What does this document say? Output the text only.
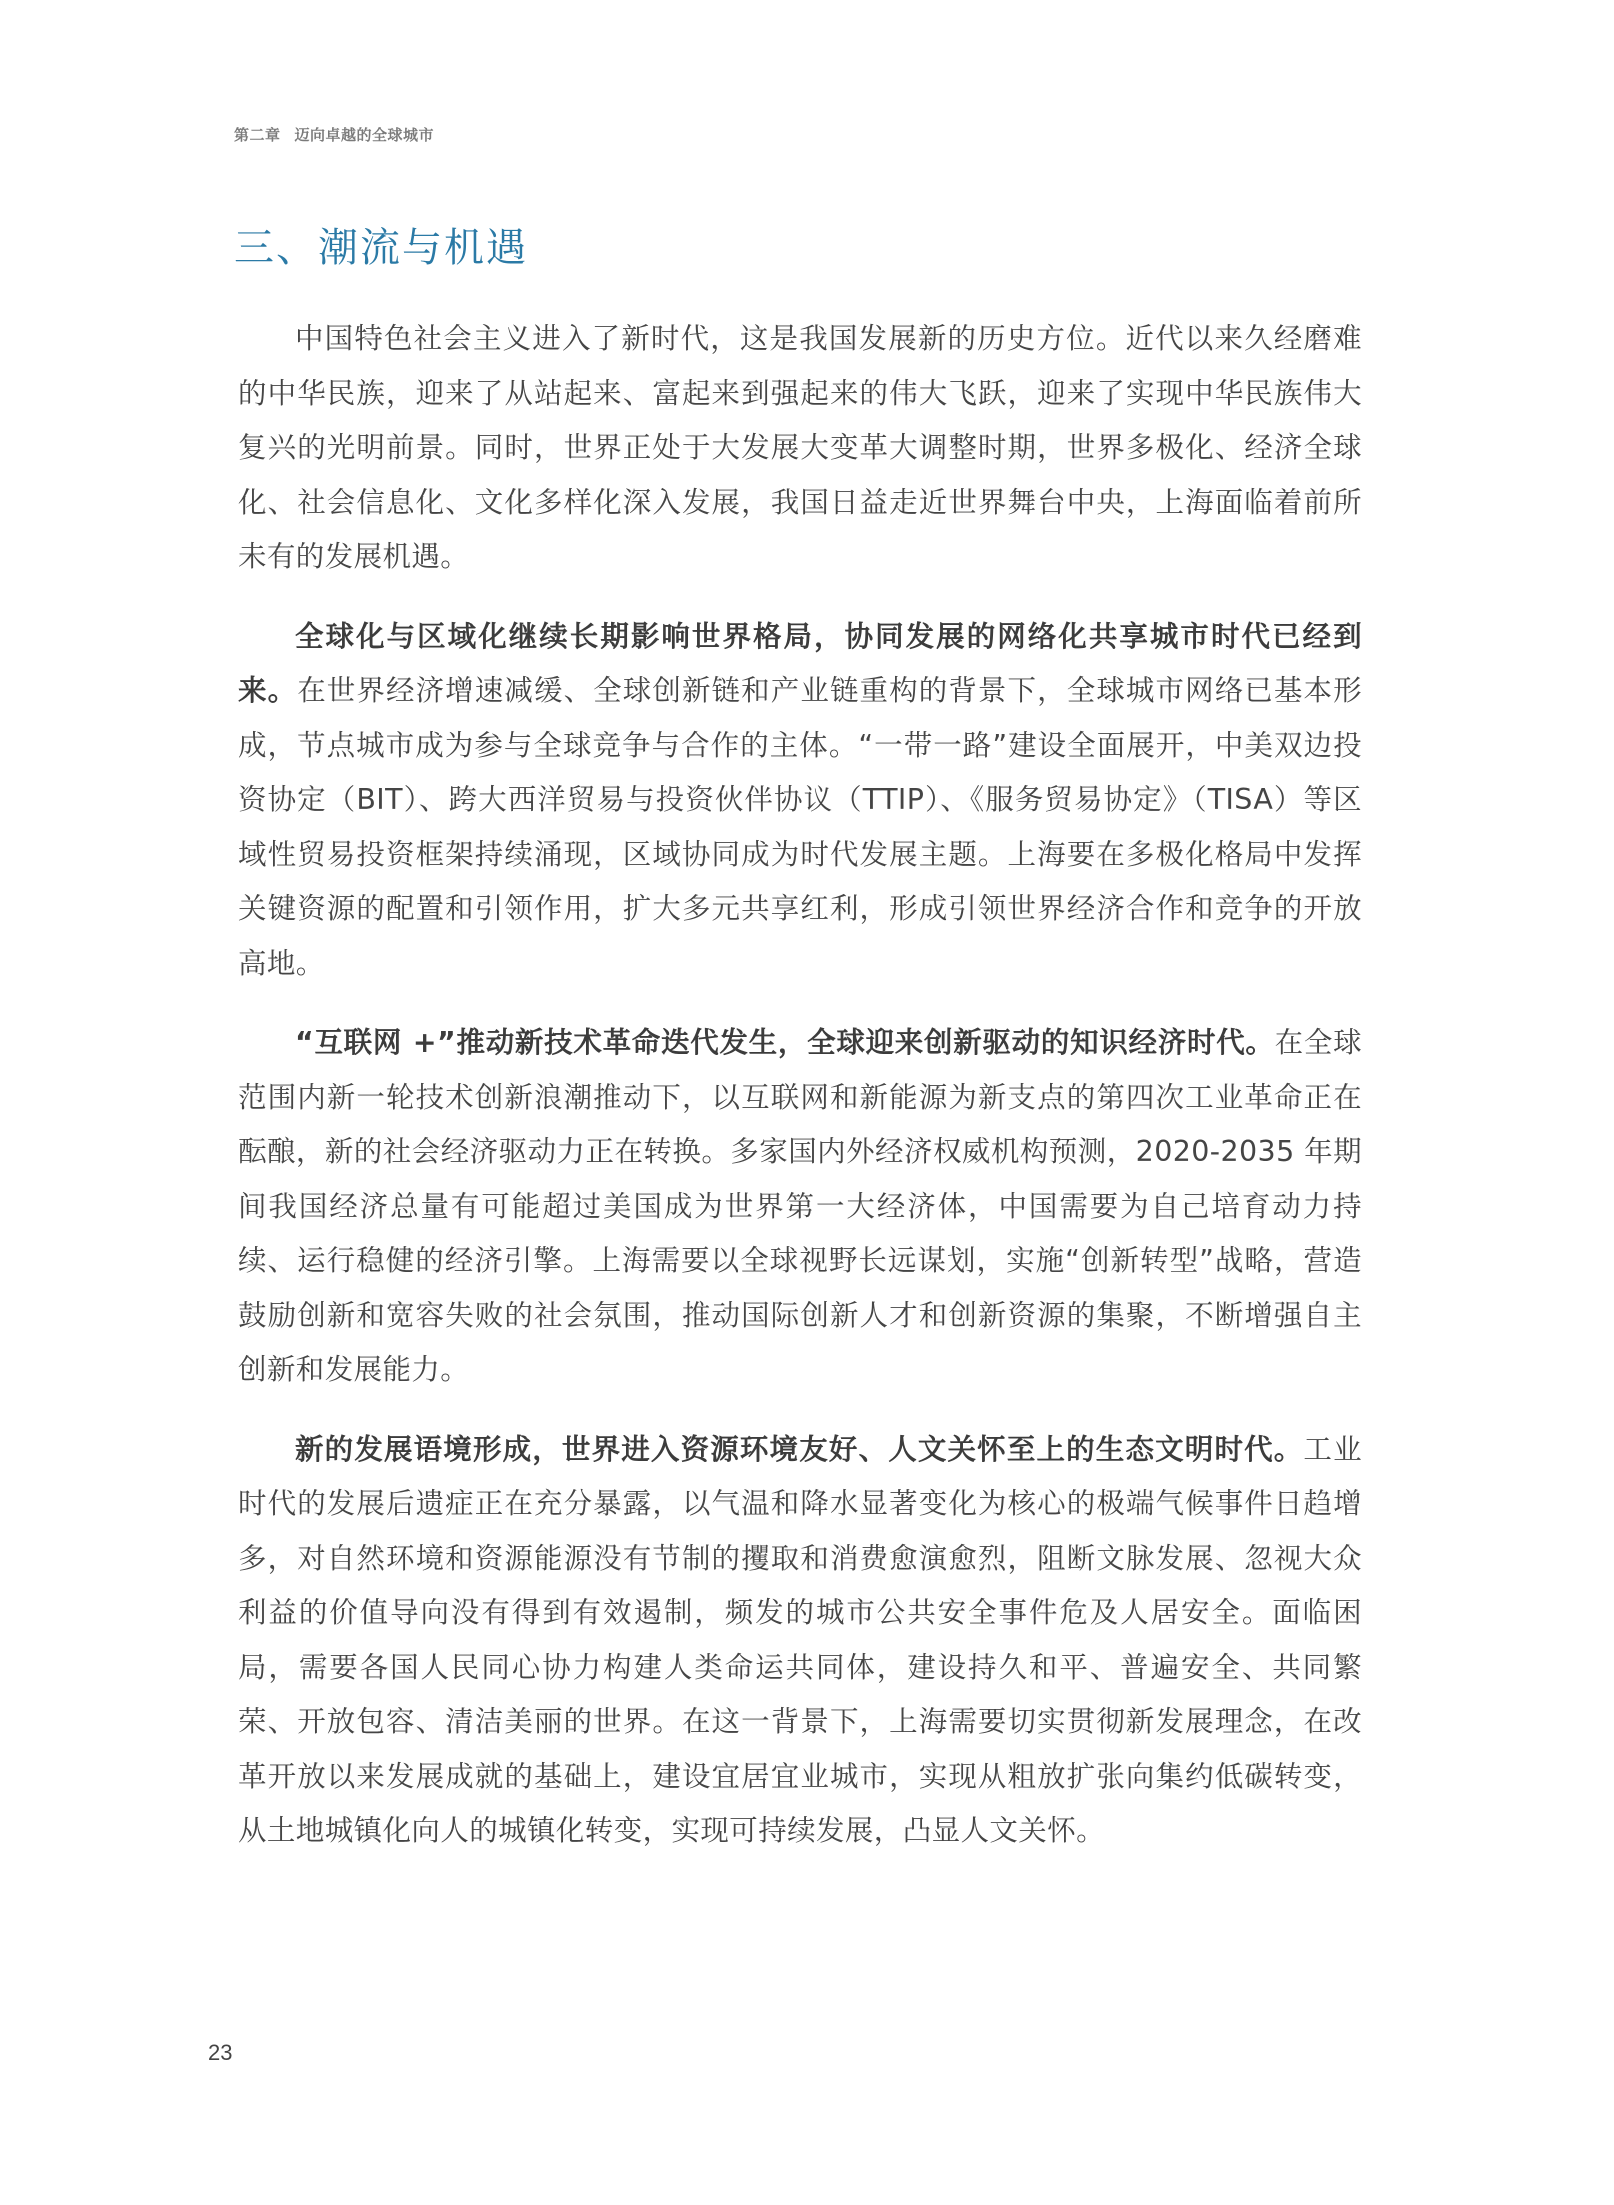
第二章 迈向卓越的全球城市
三、潮流与机遇

中国特色社会主义进入了新时代，这是我国发展新的历史方位。近代以来久经磨难的中华民族，迎来了从站起来、富起来到强起来的伟大飞跃，迎来了实现中华民族伟大复兴的光明前景。同时，世界正处于大发展大变革大调整时期，世界多极化、经济全球化、社会信息化、文化多样化深入发展，我国日益走近世界舞台中央，上海面临着前所未有的发展机遇。

全球化与区域化继续长期影响世界格局，协同发展的网络化共享城市时代已经到来。在世界经济增速减缓、全球创新链和产业链重构的背景下，全球城市网络已基本形成，节点城市成为参与全球竞争与合作的主体。“一带一路”建设全面展开，中美双边投资协定（BIT）、跨大西洋贸易与投资伙伴协议（TTIP）、《服务贸易协定》（TISA）等区域性贸易投资框架持续涌现，区域协同成为时代发展主题。上海要在多极化格局中发挥关键资源的配置和引领作用，扩大多元共享红利，形成引领世界经济合作和竞争的开放高地。

“互联网 +”推动新技术革命迭代发生，全球迎来创新驱动的知识经济时代。在全球范围内新一轮技术创新浪潮推动下，以互联网和新能源为新支点的第四次工业革命正在酝酿，新的社会经济驱动力正在转换。多家国内外经济权威机构预测，2020-2035 年期间我国经济总量有可能超过美国成为世界第一大经济体，中国需要为自己培育动力持续、运行稳健的经济引擎。上海需要以全球视野长远谋划，实施“创新转型”战略，营造鼓励创新和宽容失败的社会氛围，推动国际创新人才和创新资源的集聚，不断增强自主创新和发展能力。

新的发展语境形成，世界进入资源环境友好、人文关怀至上的生态文明时代。工业时代的发展后遗症正在充分暴露，以气温和降水显著变化为核心的极端气候事件日趋增多，对自然环境和资源能源没有节制的攫取和消费愈演愈烈，阻断文脉发展、忽视大众利益的价值导向没有得到有效遏制，频发的城市公共安全事件危及人居安全。面临困局，需要各国人民同心协力构建人类命运共同体，建设持久和平、普遍安全、共同繁荣、开放包容、清洁美丽的世界。在这一背景下，上海需要切实贯彻新发展理念，在改革开放以来发展成就的基础上，建设宜居宜业城市，实现从粗放扩张向集约低碳转变，从土地城镇化向人的城镇化转变，实现可持续发展，凸显人文关怀。

23
